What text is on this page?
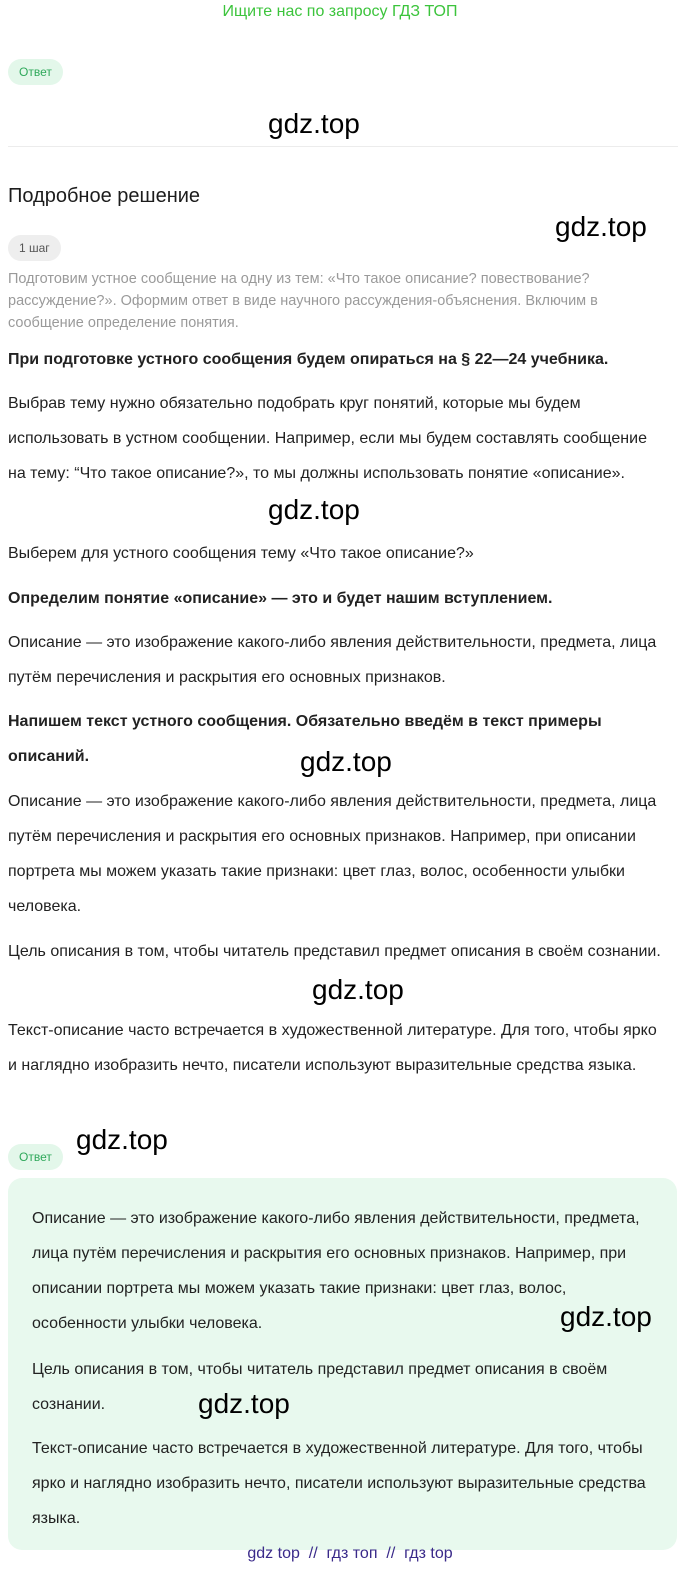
Ищите нас по запросу ГДЗ ТОП
Ответ
gdz.top
Подробное решение
gdz.top
1 шаг
Подготовим устное сообщение на одну из тем: «Что такое описание? повествование? рассуждение?». Оформим ответ в виде научного рассуждения-объяснения. Включим в сообщение определение понятия.
При подготовке устного сообщения будем опираться на § 22—24 учебника.
Выбрав тему нужно обязательно подобрать круг понятий, которые мы будем использовать в устном сообщении. Например, если мы будем составлять сообщение на тему: “Что такое описание?», то мы должны использовать понятие «описание».
gdz.top
Выберем для устного сообщения тему «Что такое описание?»
Определим понятие «описание» — это и будет нашим вступлением.
Описание — это изображение какого-либо явления действительности, предмета, лица путём перечисления и раскрытия его основных признаков.
Напишем текст устного сообщения. Обязательно введём в текст примеры описаний.	gdz.top
Описание — это изображение какого-либо явления действительности, предмета, лица путём перечисления и раскрытия его основных признаков. Например, при описании портрета мы можем указать такие признаки: цвет глаз, волос, особенности улыбки человека.
Цель описания в том, чтобы читатель представил предмет описания в своём сознании.
gdz.top
Текст-описание часто встречается в художественной литературе. Для того, чтобы ярко и наглядно изобразить нечто, писатели используют выразительные средства языка.
gdz.top
Ответ
Описание — это изображение какого-либо явления действительности, предмета, лица путём перечисления и раскрытия его основных признаков. Например, при описании портрета мы можем указать такие признаки: цвет глаз, волос, особенности улыбки человека.	gdz.top
Цель описания в том, чтобы читатель представил предмет описания в своём сознании.	gdz.top
Текст-описание часто встречается в художественной литературе. Для того, чтобы ярко и наглядно изобразить нечто, писатели используют выразительные средства языка.
gdz top  //  гдз топ  //  гдз top
